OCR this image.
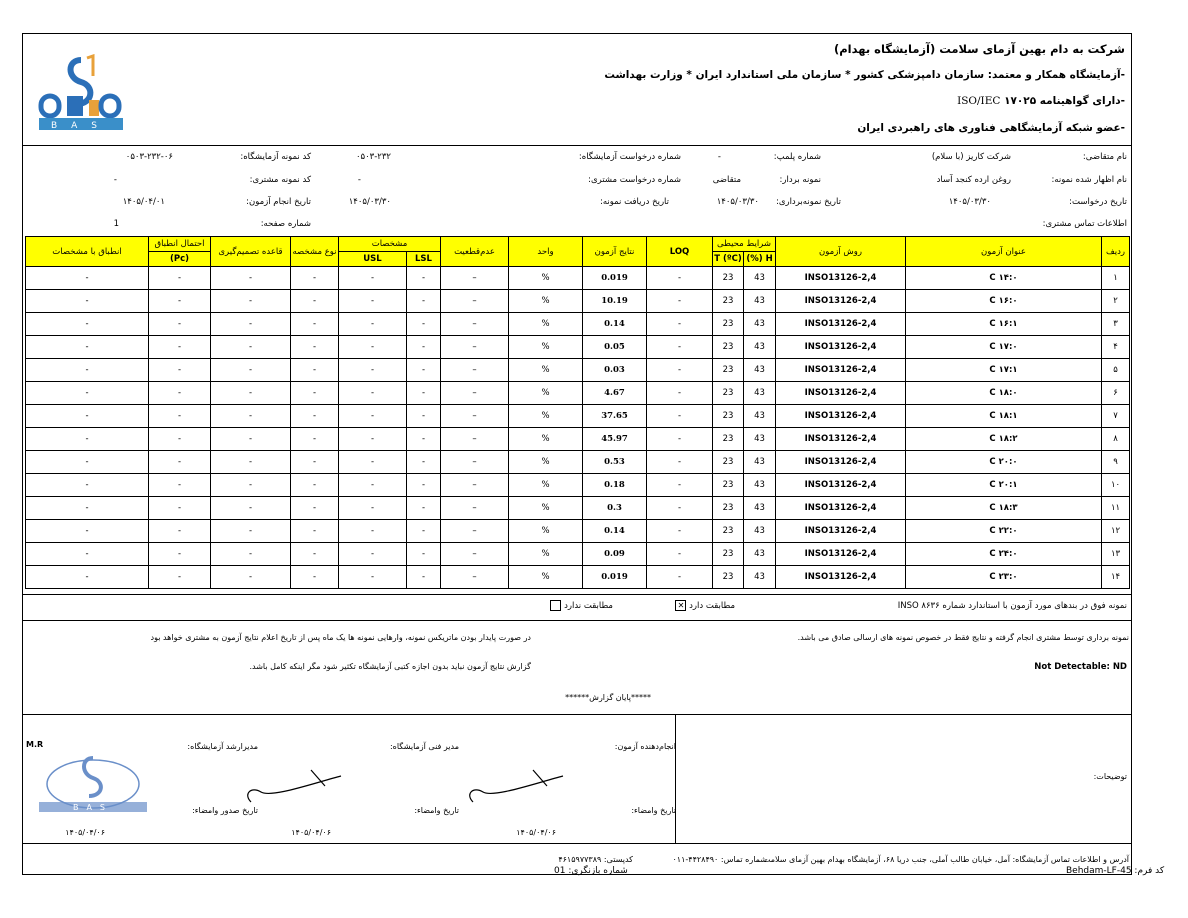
شرکت به دام بهین آزمای سلامت (آزمایشگاه بهدام)
-آزمایشگاه همکار و معتمد: سازمان دامپزشکی کشور * سازمان ملی استاندارد ایران * وزارت بهداشت
-دارای گواهینامه ۱۷۰۲۵ ISO/IEC
-عضو شبکه آزمایشگاهی فناوری های راهبردی ایران
BAS
نام متقاضی:
شرکت کاریز (با سلام)
شماره پلمپ:
-
شماره درخواست آزمایشگاه:
۰۵۰۳-۲۳۲
کد نمونه آزمایشگاه:
۰۵۰۳-۲۳۲-۰۶
نام اظهار شده نمونه:
روغن ارده کنجد آساد
نمونه بردار:
متقاضی
شماره درخواست مشتری:
-
کد نمونه مشتری:
-
تاریخ درخواست:
۱۴۰۵/۰۳/۳۰
تاریخ نمونه‌برداری:
۱۴۰۵/۰۳/۳۰
تاریخ دریافت نمونه:
۱۴۰۵/۰۳/۳۰
تاریخ انجام آزمون:
۱۴۰۵/۰۴/۰۱
اطلاعات تماس مشتری:
شماره صفحه:
1
ردیف	عنوان آزمون	روش آزمون	شرایط محیطی		LOQ	نتایج آزمون	واحد	عدم‌قطعیت	مشخصات		نوع مشخصه	قاعده تصمیم‌گیری	احتمال انطباق	انطباق با مشخصات
			H (%)	T (ºC)					LSL	USL			(Pc)	
۱	C ۱۴:۰	INSO13126-2,4	43	23	-	0.019	%	–	-	-	-	-	-	-
۲	C ۱۶:۰	INSO13126-2,4	43	23	-	10.19	%	–	-	-	-	-	-	-
۳	C ۱۶:۱	INSO13126-2,4	43	23	-	0.14	%	–	-	-	-	-	-	-
۴	C ۱۷:۰	INSO13126-2,4	43	23	-	0.05	%	–	-	-	-	-	-	-
۵	C ۱۷:۱	INSO13126-2,4	43	23	-	0.03	%	–	-	-	-	-	-	-
۶	C ۱۸:۰	INSO13126-2,4	43	23	-	4.67	%	–	-	-	-	-	-	-
۷	C ۱۸:۱	INSO13126-2,4	43	23	-	37.65	%	–	-	-	-	-	-	-
۸	C ۱۸:۲	INSO13126-2,4	43	23	-	45.97	%	–	-	-	-	-	-	-
۹	C ۲۰:۰	INSO13126-2,4	43	23	-	0.53	%	–	-	-	-	-	-	-
۱۰	C ۲۰:۱	INSO13126-2,4	43	23	-	0.18	%	–	-	-	-	-	-	-
۱۱	C ۱۸:۳	INSO13126-2,4	43	23	-	0.3	%	–	-	-	-	-	-	-
۱۲	C ۲۲:۰	INSO13126-2,4	43	23	-	0.14	%	–	-	-	-	-	-	-
۱۳	C ۲۴:۰	INSO13126-2,4	43	23	-	0.09	%	–	-	-	-	-	-	-
۱۴	C ۲۳:۰	INSO13126-2,4	43	23	-	0.019	%	–	-	-	-	-	-	-
نمونه فوق در بندهای مورد آزمون با استاندارد شماره ۸۶۳۶ INSO
مطابقت دارد ✕
مطابقت ندارد
نمونه برداری توسط مشتری انجام گرفته و نتایج فقط در خصوص نمونه های ارسالی صادق می باشد.
در صورت پایدار بودن ماتریکس نمونه، وارهایی نمونه ها یک ماه پس از تاریخ اعلام نتایج آزمون به مشتری خواهد بود
Not Detectable: ND
گزارش نتایج آزمون نباید بدون اجازه کتبی آزمایشگاه تکثیر شود مگر اینکه کامل باشد.
*****پایان گزارش******
توضیحات:
انجام‌دهنده آزمون:
تاریخ وامضاء:
۱۴۰۵/۰۴/۰۶
مدیر فنی آزمایشگاه:
تاریخ وامضاء:
۱۴۰۵/۰۴/۰۶
مدیرارشد آزمایشگاه:
تاریخ صدور وامضاء:
۱۴۰۵/۰۴/۰۶
M.R
BAS
آدرس و اطلاعات تماس آزمایشگاه: آمل، خیابان طالب آملی، جنب دریا ۶۸، آزمایشگاه بهدام بهین آزمای سلامت
شماره تماس: ۴۴۲۸۴۹۰-۰۱۱
کدپستی: ۴۶۱۵۹۷۷۳۸۹
شماره بازنگری: 01	کد فرم: Behdam-LF-45
